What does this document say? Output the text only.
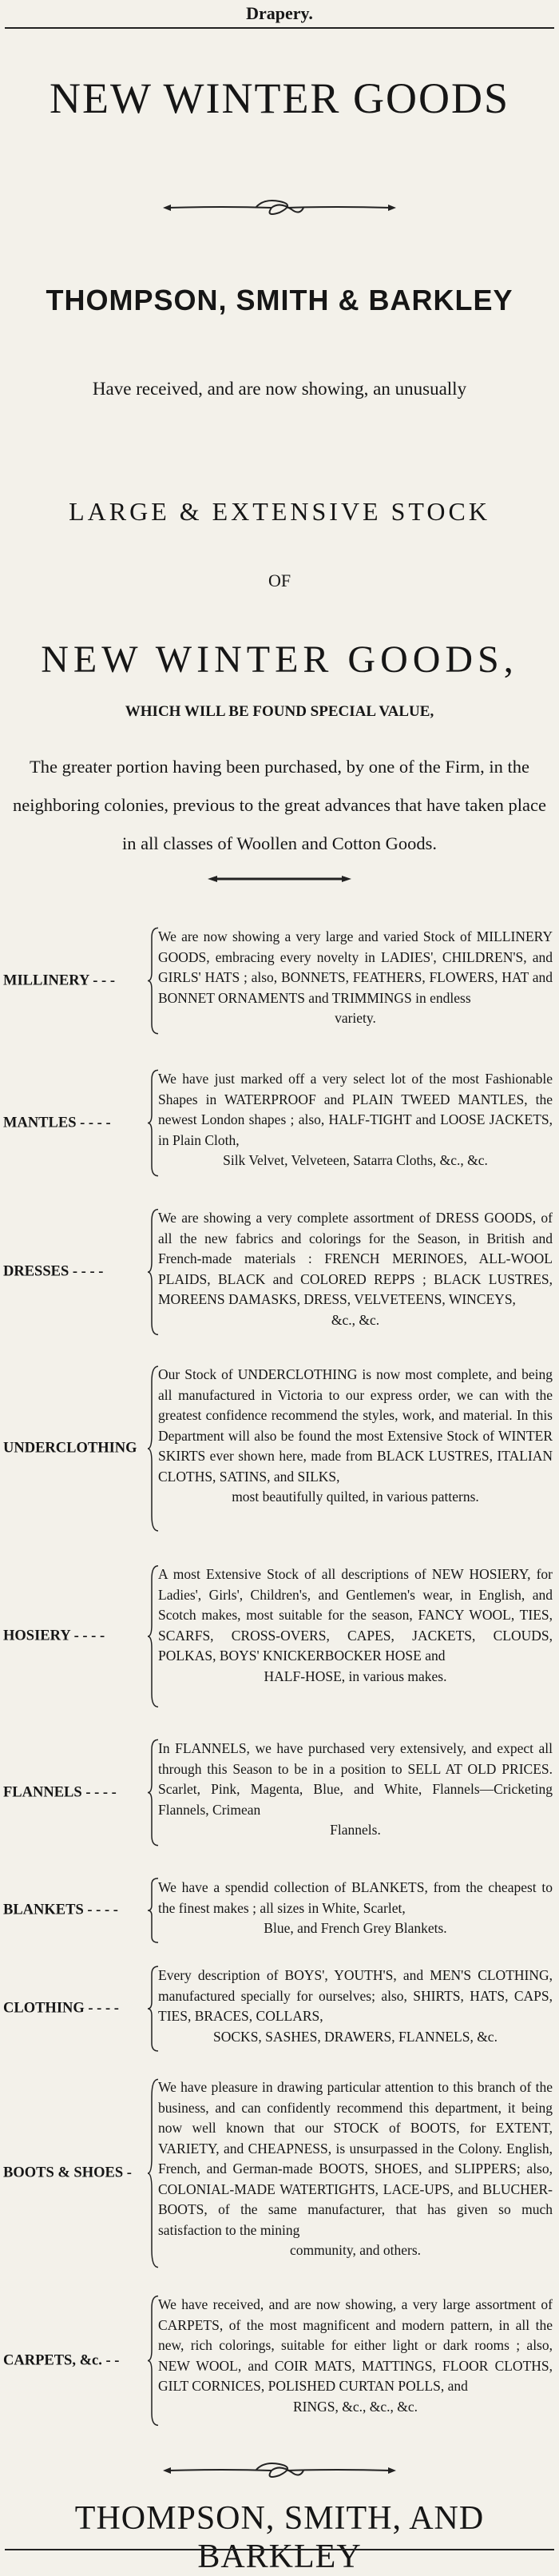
Drapery.
NEW WINTER GOODS
THOMPSON, SMITH & BARKLEY
Have received, and are now showing, an unusually
LARGE & EXTENSIVE STOCK
OF
NEW WINTER GOODS,
WHICH WILL BE FOUND SPECIAL VALUE,
The greater portion having been purchased, by one of the Firm, in the neighboring colonies, previous to the great advances that have taken place in all classes of Woollen and Cotton Goods.
MILLINERY - - -
We are now showing a very large and varied Stock of MILLINERY GOODS, embracing every novelty in LADIES', CHILDREN'S, and GIRLS' HATS ; also, BONNETS, FEATHERS, FLOWERS, HAT and BONNET ORNAMENTS and TRIMMINGS in endless
variety.
MANTLES - - - -
We have just marked off a very select lot of the most Fashionable Shapes in WATERPROOF and PLAIN TWEED MANTLES, the newest London shapes ; also, HALF-TIGHT and LOOSE JACKETS, in Plain Cloth,
Silk Velvet, Velveteen, Satarra Cloths, &c., &c.
DRESSES - - - -
We are showing a very complete assortment of DRESS GOODS, of all the new fabrics and colorings for the Season, in British and French-made materials : FRENCH MERINOES, ALL-WOOL PLAIDS, BLACK and COLORED REPPS ; BLACK LUSTRES, MOREENS DAMASKS, DRESS, VELVETEENS, WINCEYS,
&c., &c.
UNDERCLOTHING
Our Stock of UNDERCLOTHING is now most complete, and being all manufactured in Victoria to our express order, we can with the greatest confidence recommend the styles, work, and material. In this Department will also be found the most Extensive Stock of WINTER SKIRTS ever shown here, made from BLACK LUSTRES, ITALIAN CLOTHS, SATINS, and SILKS,
most beautifully quilted, in various patterns.
HOSIERY - - - -
A most Extensive Stock of all descriptions of NEW HOSIERY, for Ladies', Girls', Children's, and Gentlemen's wear, in English, and Scotch makes, most suitable for the season, FANCY WOOL, TIES, SCARFS, CROSS-OVERS, CAPES, JACKETS, CLOUDS, POLKAS, BOYS' KNICKERBOCKER HOSE and
HALF-HOSE, in various makes.
FLANNELS - - - -
In FLANNELS, we have purchased very extensively, and expect all through this Season to be in a position to SELL AT OLD PRICES. Scarlet, Pink, Magenta, Blue, and White, Flannels—Cricketing Flannels, Crimean
Flannels.
BLANKETS - - - -
We have a spendid collection of BLANKETS, from the cheapest to the finest makes ; all sizes in White, Scarlet,
Blue, and French Grey Blankets.
CLOTHING - - - -
Every description of BOYS', YOUTH'S, and MEN'S CLOTHING, manufactured specially for ourselves; also, SHIRTS, HATS, CAPS, TIES, BRACES, COLLARS,
SOCKS, SASHES, DRAWERS, FLANNELS, &c.
BOOTS & SHOES -
We have pleasure in drawing particular attention to this branch of the business, and can confidently recommend this department, it being now well known that our STOCK of BOOTS, for EXTENT, VARIETY, and CHEAPNESS, is unsurpassed in the Colony. English, French, and German-made BOOTS, SHOES, and SLIPPERS; also, COLONIAL-MADE WATERTIGHTS, LACE-UPS, and BLUCHER-BOOTS, of the same manufacturer, that has given so much satisfaction to the mining
community, and others.
CARPETS, &c. - -
We have received, and are now showing, a very large assortment of CARPETS, of the most magnificent and modern pattern, in all the new, rich colorings, suitable for either light or dark rooms ; also, NEW WOOL, and COIR MATS, MATTINGS, FLOOR CLOTHS, GILT CORNICES, POLISHED CURTAN POLLS, and
RINGS, &c., &c., &c.
THOMPSON, SMITH, AND BARKLEY
